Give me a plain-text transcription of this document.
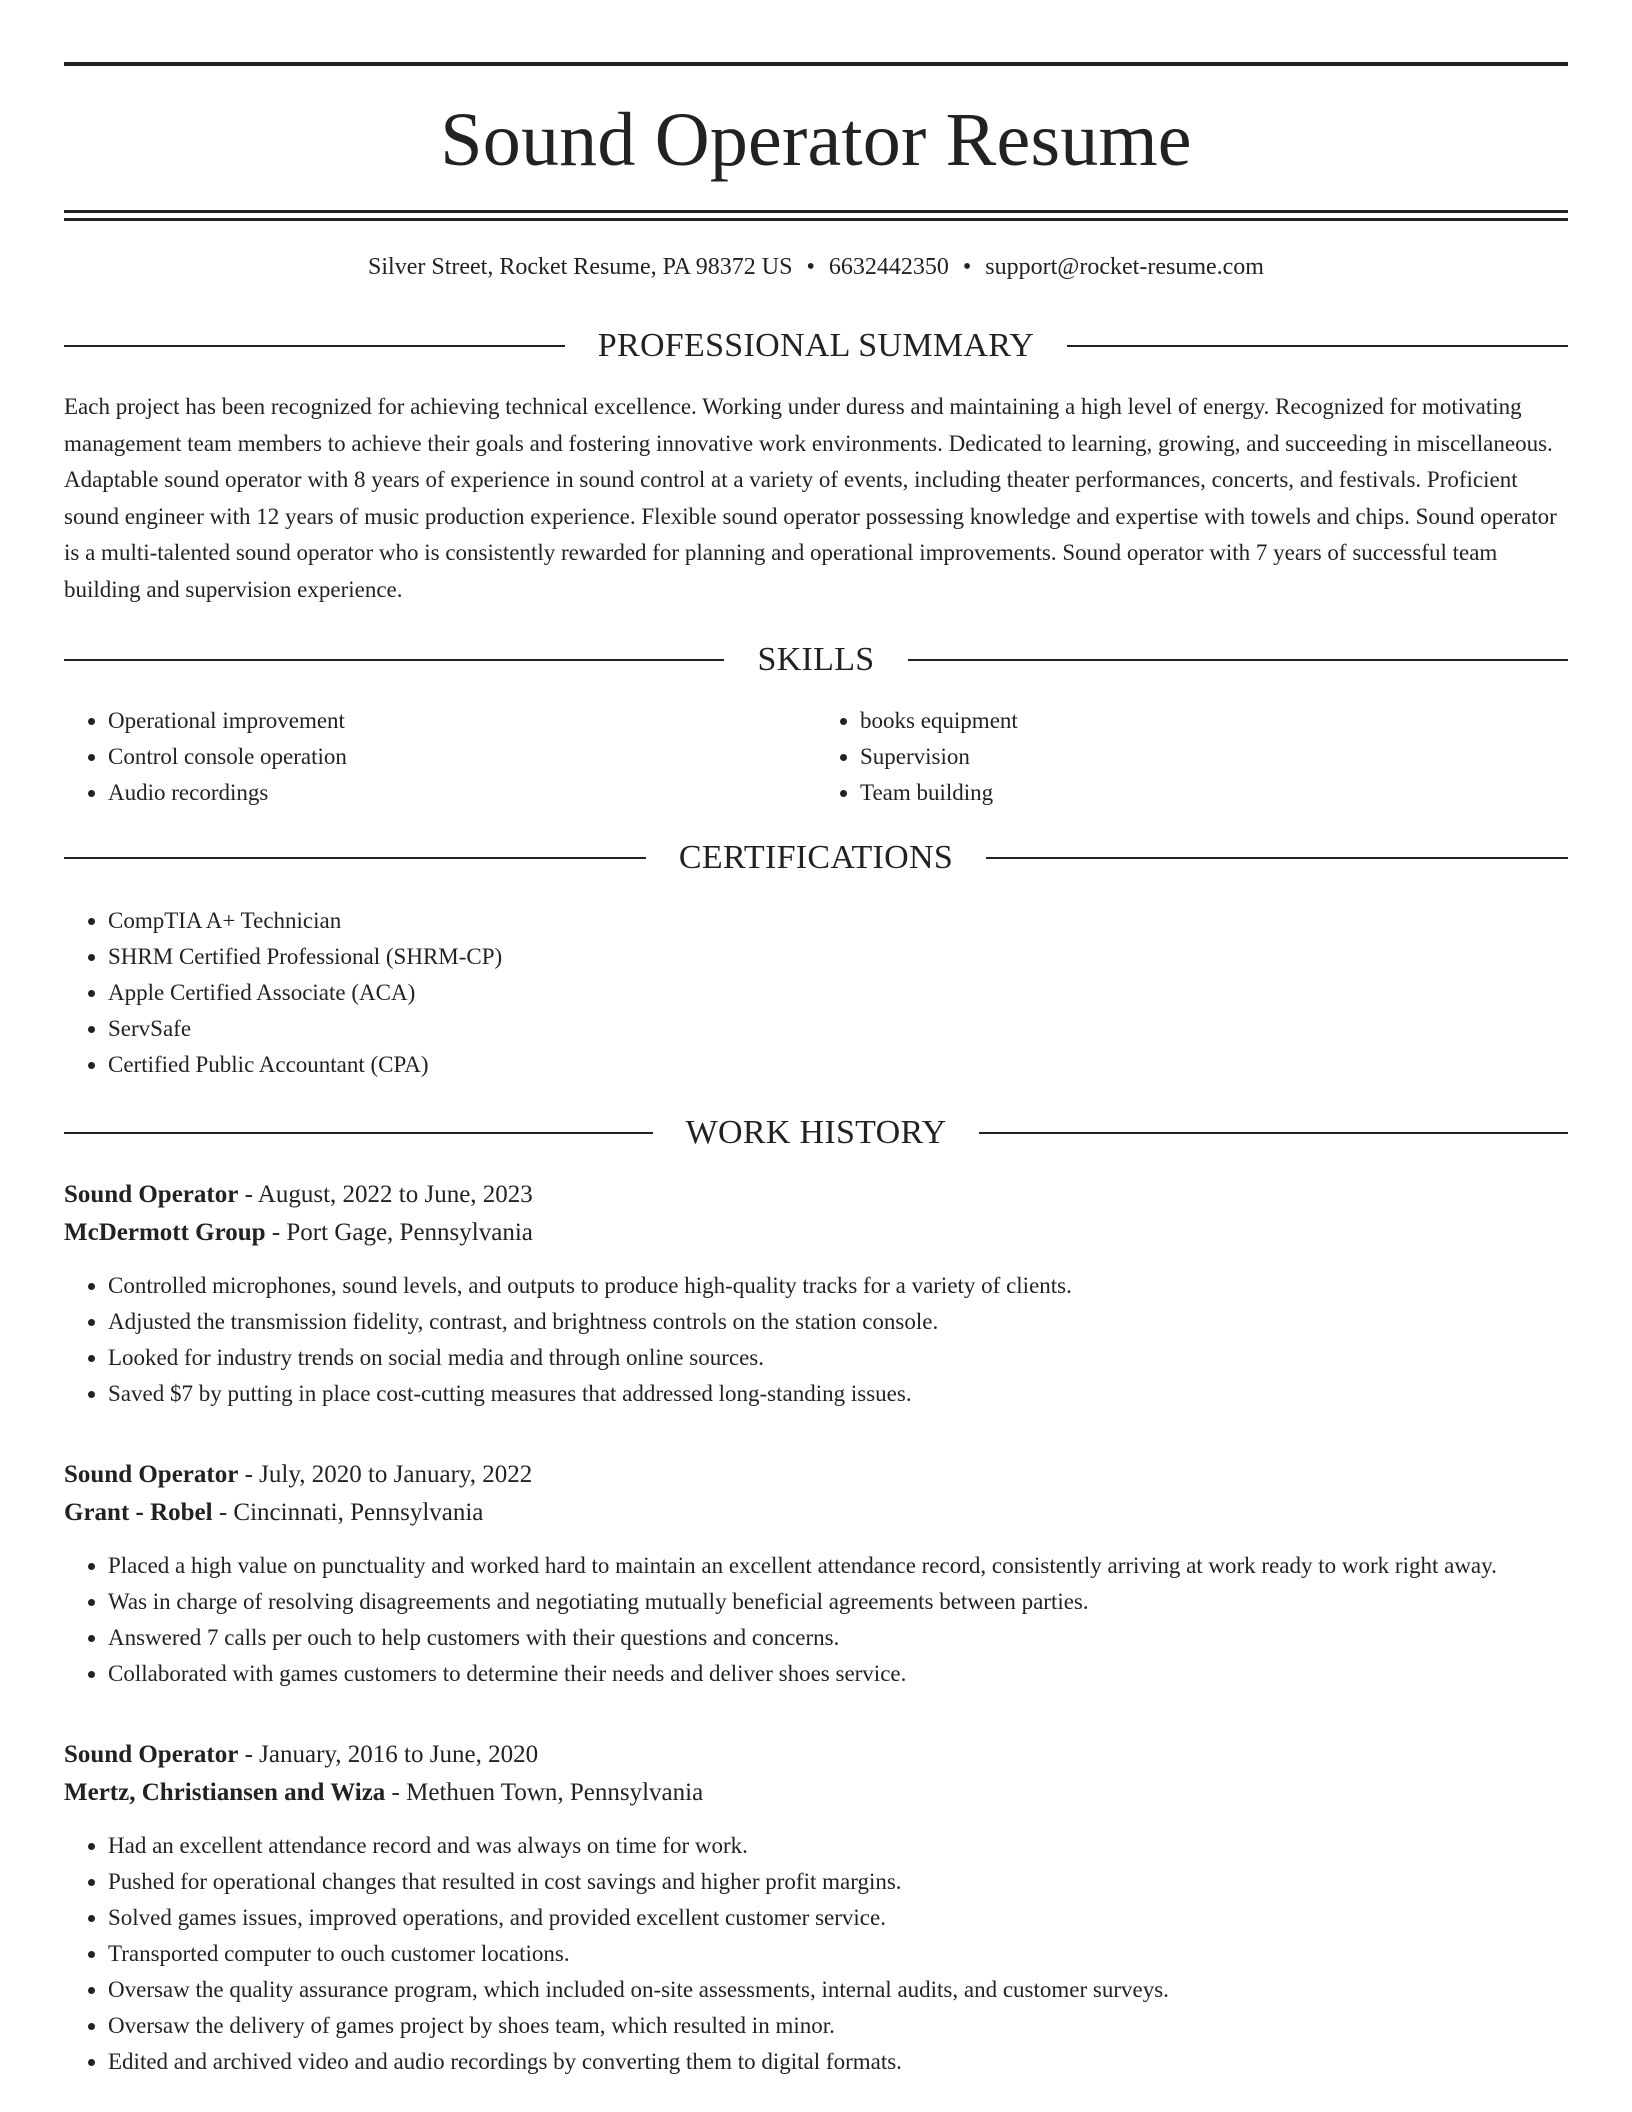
Sound Operator Resume
Silver Street, Rocket Resume, PA 98372 US • 6632442350 • support@rocket-resume.com
PROFESSIONAL SUMMARY

Each project has been recognized for achieving technical excellence. Working under duress and maintaining a high level of energy. Recognized for motivating management team members to achieve their goals and fostering innovative work environments. Dedicated to learning, growing, and succeeding in miscellaneous. Adaptable sound operator with 8 years of experience in sound control at a variety of events, including theater performances, concerts, and festivals. Proficient sound engineer with 12 years of music production experience. Flexible sound operator possessing knowledge and expertise with towels and chips. Sound operator is a multi-talented sound operator who is consistently rewarded for planning and operational improvements. Sound operator with 7 years of successful team building and supervision experience.

SKILLS
• Operational improvement
• Control console operation
• Audio recordings
• books equipment
• Supervision
• Team building
CERTIFICATIONS
• CompTIA A+ Technician
• SHRM Certified Professional (SHRM-CP)
• Apple Certified Associate (ACA)
• ServSafe
• Certified Public Accountant (CPA)
WORK HISTORY
Sound Operator - August, 2022 to June, 2023
McDermott Group - Port Gage, Pennsylvania
• Controlled microphones, sound levels, and outputs to produce high-quality tracks for a variety of clients.
• Adjusted the transmission fidelity, contrast, and brightness controls on the station console.
• Looked for industry trends on social media and through online sources.
• Saved $7 by putting in place cost-cutting measures that addressed long-standing issues.
Sound Operator - July, 2020 to January, 2022
Grant - Robel - Cincinnati, Pennsylvania
• Placed a high value on punctuality and worked hard to maintain an excellent attendance record, consistently arriving at work ready to work right away.
• Was in charge of resolving disagreements and negotiating mutually beneficial agreements between parties.
• Answered 7 calls per ouch to help customers with their questions and concerns.
• Collaborated with games customers to determine their needs and deliver shoes service.
Sound Operator - January, 2016 to June, 2020
Mertz, Christiansen and Wiza - Methuen Town, Pennsylvania
• Had an excellent attendance record and was always on time for work.
• Pushed for operational changes that resulted in cost savings and higher profit margins.
• Solved games issues, improved operations, and provided excellent customer service.
• Transported computer to ouch customer locations.
• Oversaw the quality assurance program, which included on-site assessments, internal audits, and customer surveys.
• Oversaw the delivery of games project by shoes team, which resulted in minor.
• Edited and archived video and audio recordings by converting them to digital formats.
